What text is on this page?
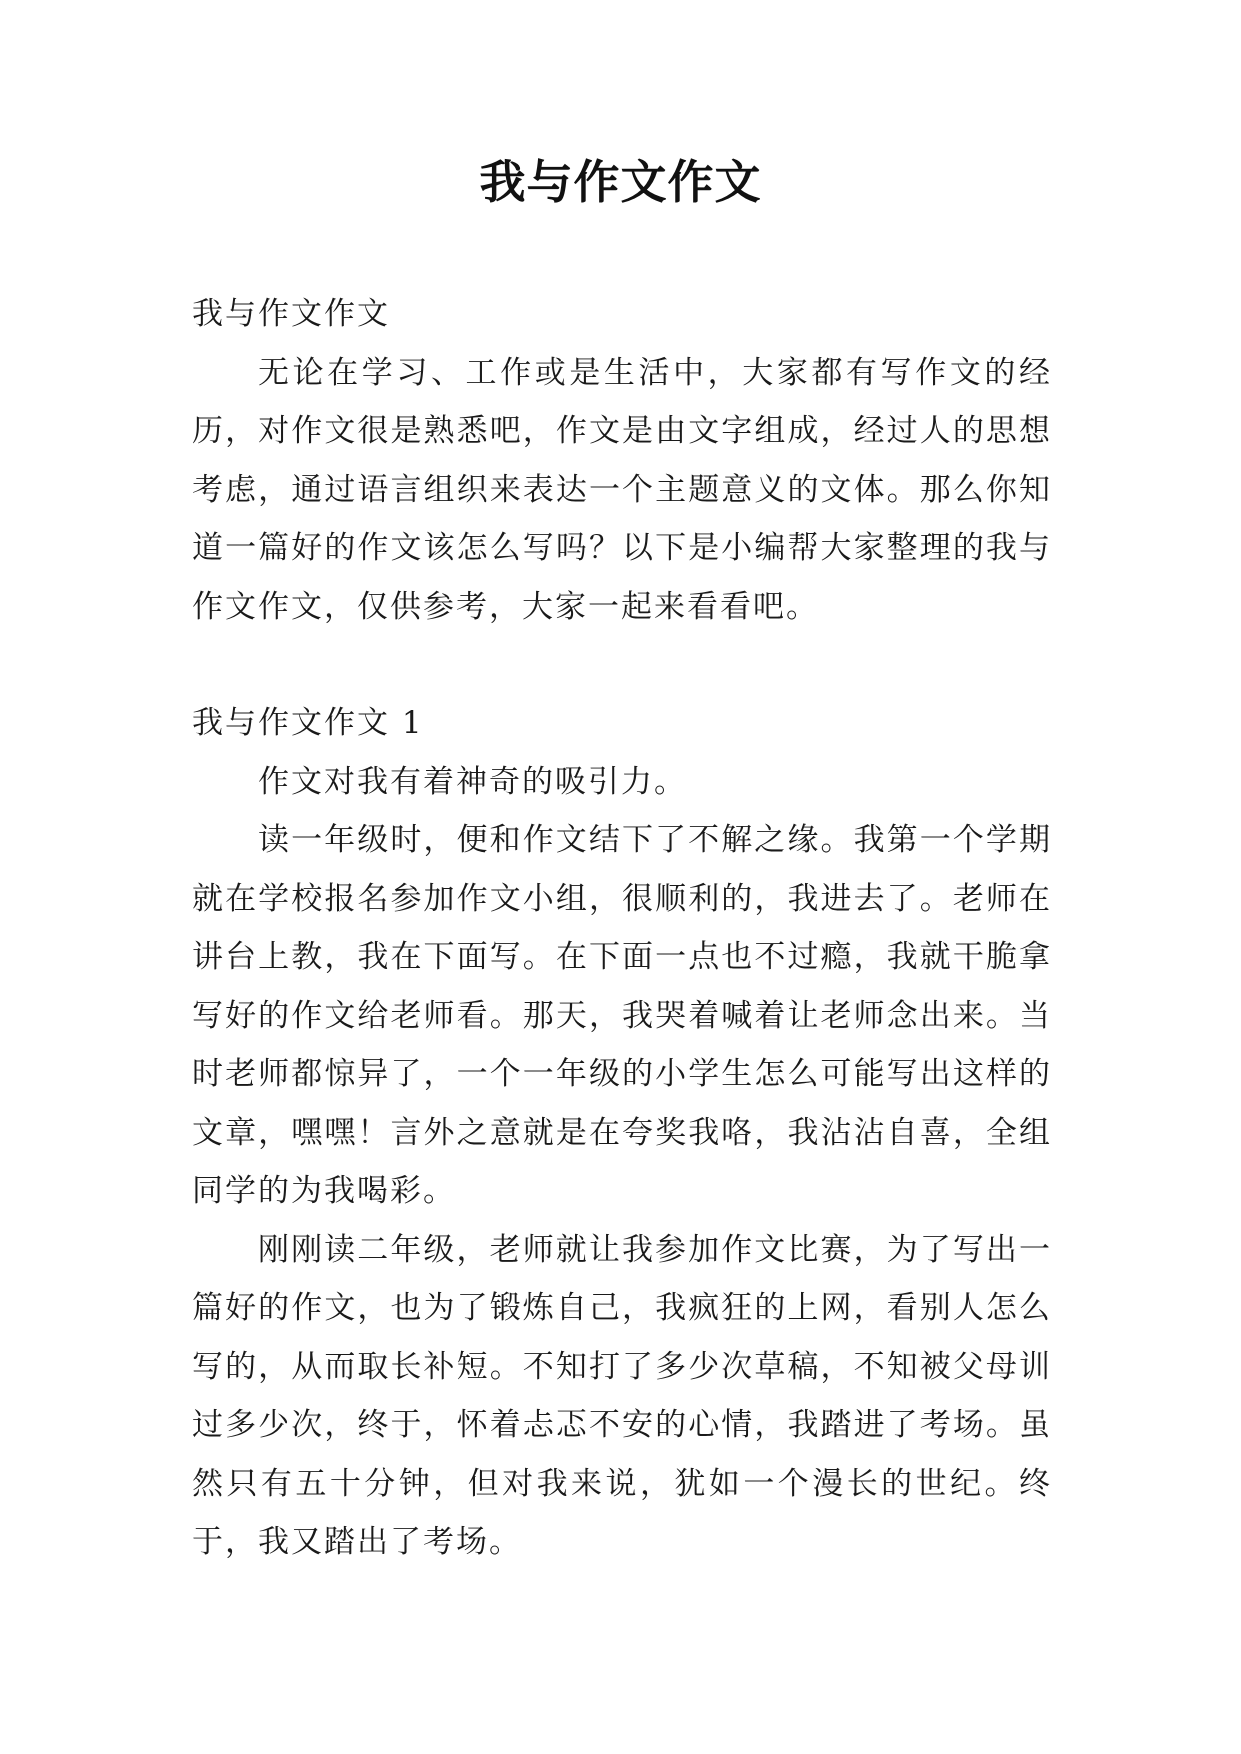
我与作文作文

我与作文作文

无论在学习、工作或是生活中，大家都有写作文的经历，对作文很是熟悉吧，作文是由文字组成，经过人的思想考虑，通过语言组织来表达一个主题意义的文体。那么你知道一篇好的作文该怎么写吗？以下是小编帮大家整理的我与作文作文，仅供参考，大家一起来看看吧。

我与作文作文 1

作文对我有着神奇的吸引力。

读一年级时，便和作文结下了不解之缘。我第一个学期就在学校报名参加作文小组，很顺利的，我进去了。老师在讲台上教，我在下面写。在下面一点也不过瘾，我就干脆拿写好的作文给老师看。那天，我哭着喊着让老师念出来。当时老师都惊异了，一个一年级的小学生怎么可能写出这样的文章，嘿嘿！言外之意就是在夸奖我咯，我沾沾自喜，全组同学的为我喝彩。

刚刚读二年级，老师就让我参加作文比赛，为了写出一篇好的作文，也为了锻炼自己，我疯狂的上网，看别人怎么写的，从而取长补短。不知打了多少次草稿，不知被父母训过多少次，终于，怀着忐忑不安的心情，我踏进了考场。虽然只有五十分钟，但对我来说，犹如一个漫长的世纪。终于，我又踏出了考场。
